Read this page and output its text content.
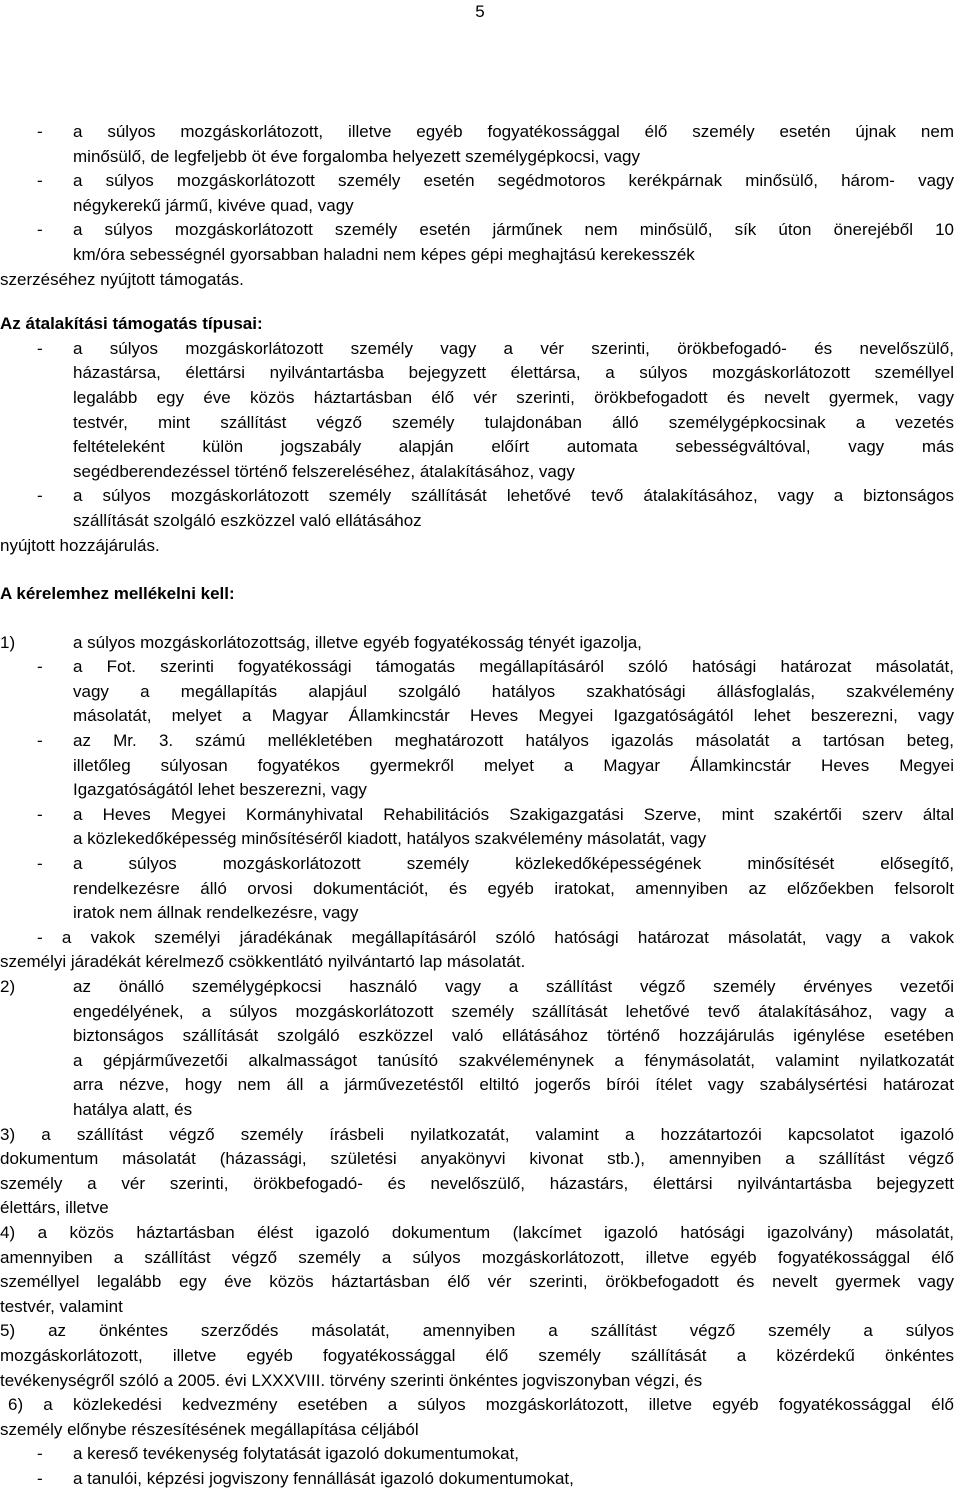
5
- a súlyos mozgáskorlátozott, illetve egyéb fogyatékossággal élő személy esetén újnak nem
minősülő, de legfeljebb öt éve forgalomba helyezett személygépkocsi, vagy
- a súlyos mozgáskorlátozott személy esetén segédmotoros kerékpárnak minősülő, három- vagy
négykerekű jármű, kivéve quad, vagy
- a súlyos mozgáskorlátozott személy esetén járműnek nem minősülő, sík úton önerejéből 10
km/óra sebességnél gyorsabban haladni nem képes gépi meghajtású kerekesszék
szerzéséhez nyújtott támogatás.
Az átalakítási támogatás típusai:
- a súlyos mozgáskorlátozott személy vagy a vér szerinti, örökbefogadó- és nevelőszülő,
házastársa, élettársi nyilvántartásba bejegyzett élettársa, a súlyos mozgáskorlátozott személlyel
legalább egy éve közös háztartásban élő vér szerinti, örökbefogadott és nevelt gyermek, vagy
testvér, mint szállítást végző személy tulajdonában álló személygépkocsinak a vezetés
feltételeként külön jogszabály alapján előírt automata sebességváltóval, vagy más
segédberendezéssel történő felszereléséhez, átalakításához, vagy
- a súlyos mozgáskorlátozott személy szállítását lehetővé tevő átalakításához, vagy a biztonságos
szállítását szolgáló eszközzel való ellátásához
nyújtott hozzájárulás.
A kérelemhez mellékelni kell:
1)	a súlyos mozgáskorlátozottság, illetve egyéb fogyatékosság tényét igazolja,
- a Fot. szerinti fogyatékossági támogatás megállapításáról szóló hatósági határozat másolatát,
vagy a megállapítás alapjául szolgáló hatályos szakhatósági állásfoglalás, szakvélemény
másolatát, melyet a Magyar Államkincstár Heves Megyei Igazgatóságától lehet beszerezni, vagy
- az Mr. 3. számú mellékletében meghatározott hatályos igazolás másolatát a tartósan beteg,
illetőleg súlyosan fogyatékos gyermekről melyet a Magyar Államkincstár Heves Megyei
Igazgatóságától lehet beszerezni, vagy
- a Heves Megyei Kormányhivatal Rehabilitációs Szakigazgatási Szerve, mint szakértői szerv által
a közlekedőképesség minősítéséről kiadott, hatályos szakvélemény másolatát, vagy
- a súlyos mozgáskorlátozott személy közlekedőképességének minősítését elősegítő,
rendelkezésre álló orvosi dokumentációt, és egyéb iratokat, amennyiben az előzőekben felsorolt
iratok nem állnak rendelkezésre, vagy
- a vakok személyi járadékának megállapításáról szóló hatósági határozat másolatát, vagy a vakok
személyi járadékát kérelmező csökkentlátó nyilvántartó lap másolatát.
2)	az önálló személygépkocsi használó vagy a szállítást végző személy érvényes vezetői
engedélyének, a súlyos mozgáskorlátozott személy szállítását lehetővé tevő átalakításához, vagy a
biztonságos szállítását szolgáló eszközzel való ellátásához történő hozzájárulás igénylése esetében
a gépjárművezetői alkalmasságot tanúsító szakvéleménynek a fénymásolatát, valamint nyilatkozatát
arra nézve, hogy nem áll a járművezetéstől eltiltó jogerős bírói ítélet vagy szabálysértési határozat
hatálya alatt, és
3) a szállítást végző személy írásbeli nyilatkozatát, valamint a hozzátartozói kapcsolatot igazoló
dokumentum másolatát (házassági, születési anyakönyvi kivonat stb.), amennyiben a szállítást végző
személy a vér szerinti, örökbefogadó- és nevelőszülő, házastárs, élettársi nyilvántartásba bejegyzett
élettárs, illetve
4) a közös háztartásban élést igazoló dokumentum (lakcímet igazoló hatósági igazolvány) másolatát,
amennyiben a szállítást végző személy a súlyos mozgáskorlátozott, illetve egyéb fogyatékossággal élő
személlyel legalább egy éve közös háztartásban élő vér szerinti, örökbefogadott és nevelt gyermek vagy
testvér, valamint
5) az önkéntes szerződés másolatát, amennyiben a szállítást végző személy a súlyos
mozgáskorlátozott, illetve egyéb fogyatékossággal élő személy szállítását a közérdekű önkéntes
tevékenységről szóló a 2005. évi LXXXVIII. törvény szerinti önkéntes jogviszonyban végzi, és
6) a közlekedési kedvezmény esetében a súlyos mozgáskorlátozott, illetve egyéb fogyatékossággal élő
személy előnybe részesítésének megállapítása céljából
- a kereső tevékenység folytatását igazoló dokumentumokat,
- a tanulói, képzési jogviszony fennállását igazoló dokumentumokat,
